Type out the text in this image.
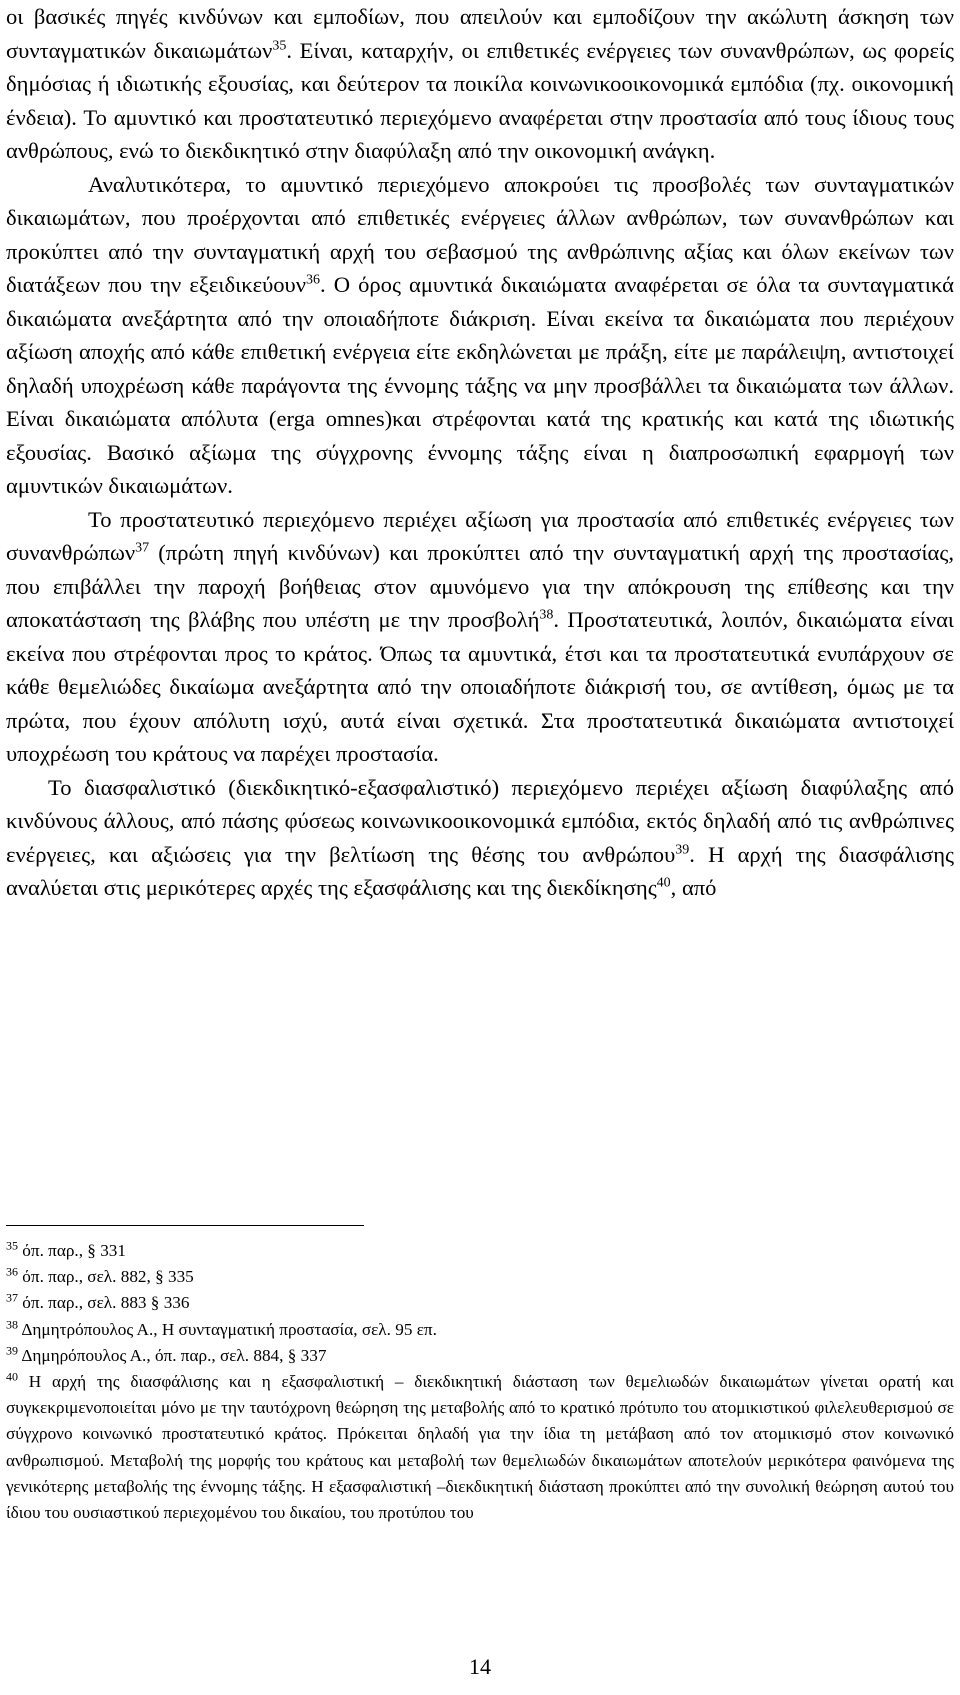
οι βασικές πηγές κινδύνων και εμποδίων, που απειλούν και εμποδίζουν την ακώλυτη άσκηση των συνταγματικών δικαιωμάτων$^{35}$. Είναι, καταρχήν, οι επιθετικές ενέργειες των συνανθρώπων, ως φορείς δημόσιας ή ιδιωτικής εξουσίας, και δεύτερον τα ποικίλα κοινωνικοοικονομικά εμπόδια (πχ. οικονομική ένδεια). Το αμυντικό και προστατευτικό περιεχόμενο αναφέρεται στην προστασία από τους ίδιους τους ανθρώπους, ενώ το διεκδικητικό στην διαφύλαξη από την οικονομική ανάγκη.

Αναλυτικότερα, το αμυντικό περιεχόμενο αποκρούει τις προσβολές των συνταγματικών δικαιωμάτων, που προέρχονται από επιθετικές ενέργειες άλλων ανθρώπων, των συνανθρώπων και προκύπτει από την συνταγματική αρχή του σεβασμού της ανθρώπινης αξίας και όλων εκείνων των διατάξεων που την εξειδικεύουν$^{36}$. Ο όρος αμυντικά δικαιώματα αναφέρεται σε όλα τα συνταγματικά δικαιώματα ανεξάρτητα από την οποιαδήποτε διάκριση. Είναι εκείνα τα δικαιώματα που περιέχουν αξίωση αποχής από κάθε επιθετική ενέργεια είτε εκδηλώνεται με πράξη, είτε με παράλειψη, αντιστοιχεί δηλαδή υποχρέωση κάθε παράγοντα της έννομης τάξης να μην προσβάλλει τα δικαιώματα των άλλων. Είναι δικαιώματα απόλυτα (erga omnes)και στρέφονται κατά της κρατικής και κατά της ιδιωτικής εξουσίας. Βασικό αξίωμα της σύγχρονης έννομης τάξης είναι η διαπροσωπική εφαρμογή των αμυντικών δικαιωμάτων.

Το προστατευτικό περιεχόμενο περιέχει αξίωση για προστασία από επιθετικές ενέργειες των συνανθρώπων$^{37}$ (πρώτη πηγή κινδύνων) και προκύπτει από την συνταγματική αρχή της προστασίας, που επιβάλλει την παροχή βοήθειας στον αμυνόμενο για την απόκρουση της επίθεσης και την αποκατάσταση της βλάβης που υπέστη με την προσβολή$^{38}$. Προστατευτικά, λοιπόν, δικαιώματα είναι εκείνα που στρέφονται προς το κράτος. Όπως τα αμυντικά, έτσι και τα προστατευτικά ενυπάρχουν σε κάθε θεμελιώδες δικαίωμα ανεξάρτητα από την οποιαδήποτε διάκρισή του, σε αντίθεση, όμως με τα πρώτα, που έχουν απόλυτη ισχύ, αυτά είναι σχετικά. Στα προστατευτικά δικαιώματα αντιστοιχεί υποχρέωση του κράτους να παρέχει προστασία.

Το διασφαλιστικό (διεκδικητικό-εξασφαλιστικό) περιεχόμενο περιέχει αξίωση διαφύλαξης από κινδύνους άλλους, από πάσης φύσεως κοινωνικοοικονομικά εμπόδια, εκτός δηλαδή από τις ανθρώπινες ενέργειες, και αξιώσεις για την βελτίωση της θέσης του ανθρώπου$^{39}$. Η αρχή της διασφάλισης αναλύεται στις μερικότερες αρχές της εξασφάλισης και της διεκδίκησης$^{40}$, από

$^{35}$ όπ. παρ., § 331

$^{36}$ όπ. παρ., σελ. 882, § 335

$^{37}$ όπ. παρ., σελ. 883 § 336

$^{38}$ Δημητρόπουλος Α., Η συνταγματική προστασία, σελ. 95 επ.

$^{39}$ Δημηρόπουλος Α., όπ. παρ., σελ. 884, § 337

$^{40}$ Η αρχή της διασφάλισης και η εξασφαλιστική – διεκδικητική διάσταση των θεμελιωδών δικαιωμάτων γίνεται ορατή και συγκεκριμενοποιείται μόνο με την ταυτόχρονη θεώρηση της μεταβολής από το κρατικό πρότυπο του ατομικιστικού φιλελευθερισμού σε σύγχρονο κοινωνικό προστατευτικό κράτος. Πρόκειται δηλαδή για την ίδια τη μετάβαση από τον ατομικισμό στον κοινωνικό ανθρωπισμού. Μεταβολή της μορφής του κράτους και μεταβολή των θεμελιωδών δικαιωμάτων αποτελούν μερικότερα φαινόμενα της γενικότερης μεταβολής της έννομης τάξης. Η εξασφαλιστική –διεκδικητική διάσταση προκύπτει από την συνολική θεώρηση αυτού του ίδιου του ουσιαστικού περιεχομένου του δικαίου, του προτύπου του

14
